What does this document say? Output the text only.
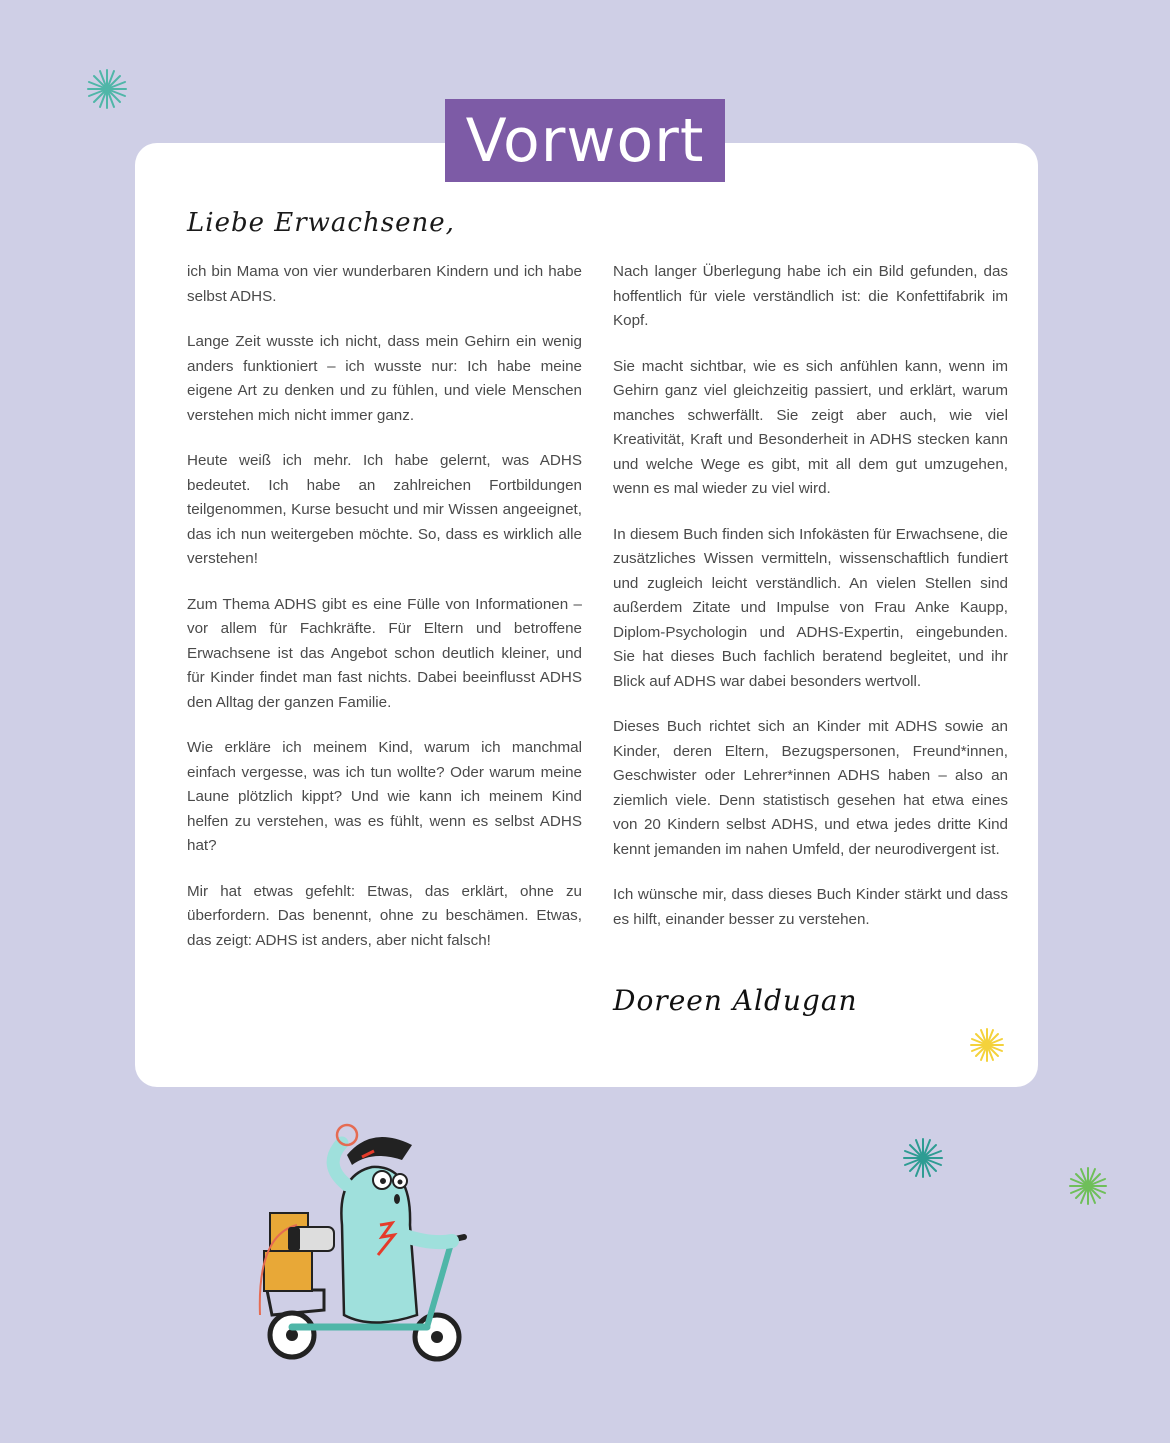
Vorwort
Liebe Erwachsene,

ich bin Mama von vier wunderbaren Kindern und ich habe selbst ADHS.

Lange Zeit wusste ich nicht, dass mein Gehirn ein wenig anders funktioniert – ich wusste nur: Ich habe meine eigene Art zu denken und zu fühlen, und viele Menschen verstehen mich nicht immer ganz.

Heute weiß ich mehr. Ich habe gelernt, was ADHS bedeutet. Ich habe an zahlreichen Fortbildungen teilgenommen, Kurse besucht und mir Wissen angeeignet, das ich nun weitergeben möchte. So, dass es wirklich alle verstehen!

Zum Thema ADHS gibt es eine Fülle von Informationen – vor allem für Fachkräfte. Für Eltern und betroffene Erwachsene ist das Angebot schon deutlich kleiner, und für Kinder findet man fast nichts. Dabei beeinflusst ADHS den Alltag der ganzen Familie.

Wie erkläre ich meinem Kind, warum ich manchmal einfach vergesse, was ich tun wollte? Oder warum meine Laune plötzlich kippt? Und wie kann ich meinem Kind helfen zu verstehen, was es fühlt, wenn es selbst ADHS hat?

Mir hat etwas gefehlt: Etwas, das erklärt, ohne zu überfordern. Das benennt, ohne zu beschämen. Etwas, das zeigt: ADHS ist anders, aber nicht falsch!

Nach langer Überlegung habe ich ein Bild gefunden, das hoffentlich für viele verständlich ist: die Konfettifabrik im Kopf.

Sie macht sichtbar, wie es sich anfühlen kann, wenn im Gehirn ganz viel gleichzeitig passiert, und erklärt, warum manches schwerfällt. Sie zeigt aber auch, wie viel Kreativität, Kraft und Besonderheit in ADHS stecken kann und welche Wege es gibt, mit all dem gut umzugehen, wenn es mal wieder zu viel wird.

In diesem Buch finden sich Infokästen für Erwachsene, die zusätzliches Wissen vermitteln, wissenschaftlich fundiert und zugleich leicht verständlich. An vielen Stellen sind außerdem Zitate und Impulse von Frau Anke Kaupp, Diplom-Psychologin und ADHS-Expertin, eingebunden. Sie hat dieses Buch fachlich beratend begleitet, und ihr Blick auf ADHS war dabei besonders wertvoll.

Dieses Buch richtet sich an Kinder mit ADHS sowie an Kinder, deren Eltern, Bezugspersonen, Freund*innen, Geschwister oder Lehrer*innen ADHS haben – also an ziemlich viele. Denn statistisch gesehen hat etwa eines von 20 Kindern selbst ADHS, und etwa jedes dritte Kind kennt jemanden im nahen Umfeld, der neurodivergent ist.

Ich wünsche mir, dass dieses Buch Kinder stärkt und dass es hilft, einander besser zu verstehen.

Doreen Aldugan
